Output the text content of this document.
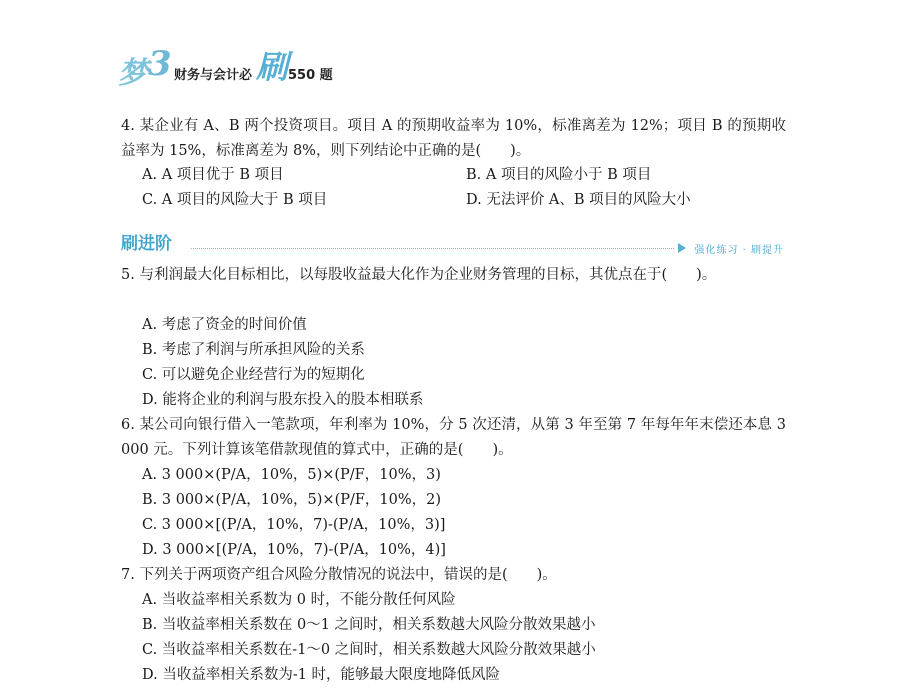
梦 3 财务与会计必 刷 550 题

4. 某企业有 A、B 两个投资项目。项目 A 的预期收益率为 10%，标准离差为 12%；项目 B 的预期收益率为 15%，标准离差为 8%，则下列结论中正确的是(　　)。

A. A 项目优于 B 项目	B. A 项目的风险小于 B 项目
C. A 项目的风险大于 B 项目	D. 无法评价 A、B 项目的风险大小
刷进阶	强化练习 · 刷提升

5. 与利润最大化目标相比，以每股收益最大化作为企业财务管理的目标，其优点在于(　　)。

A. 考虑了资金的时间价值
B. 考虑了利润与所承担风险的关系
C. 可以避免企业经营行为的短期化
D. 能将企业的利润与股东投入的股本相联系

6. 某公司向银行借入一笔款项，年利率为 10%，分 5 次还清，从第 3 年至第 7 年每年年末偿还本息 3 000 元。下列计算该笔借款现值的算式中，正确的是(　　)。

A. 3 000×(P/A，10%，5)×(P/F，10%，3)
B. 3 000×(P/A，10%，5)×(P/F，10%，2)
C. 3 000×[(P/A，10%，7)-(P/A，10%，3)]
D. 3 000×[(P/A，10%，7)-(P/A，10%，4)]

7. 下列关于两项资产组合风险分散情况的说法中，错误的是(　　)。

A. 当收益率相关系数为 0 时，不能分散任何风险
B. 当收益率相关系数在 0～1 之间时，相关系数越大风险分散效果越小
C. 当收益率相关系数在-1～0 之间时，相关系数越大风险分散效果越小
D. 当收益率相关系数为-1 时，能够最大限度地降低风险
